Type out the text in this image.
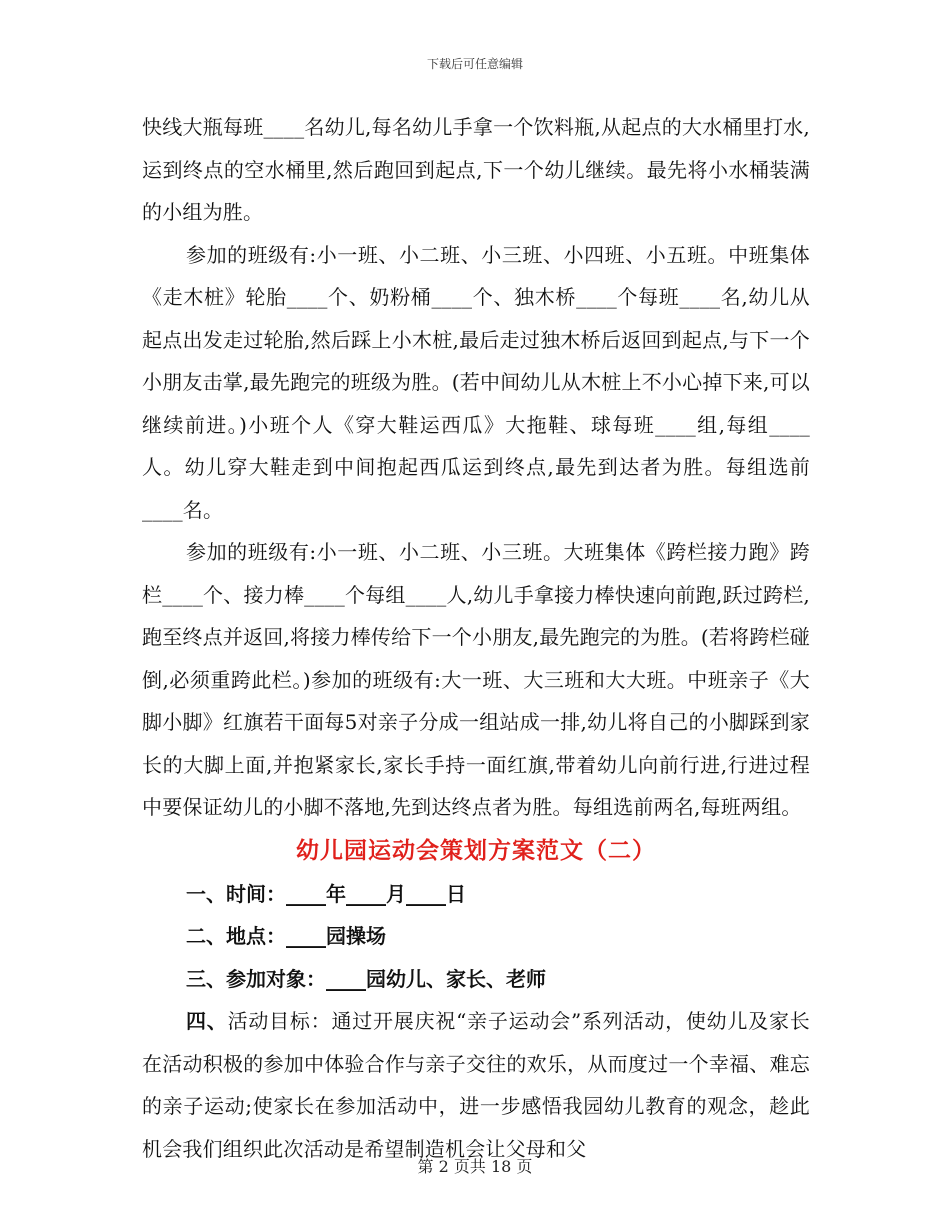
下载后可任意编辑

快线大瓶每班____名幼儿,每名幼儿手拿一个饮料瓶,从起点的大水桶里打水,运到终点的空水桶里,然后跑回到起点,下一个幼儿继续。最先将小水桶装满的小组为胜。

参加的班级有:小一班、小二班、小三班、小四班、小五班。中班集体《走木桩》轮胎____个、奶粉桶____个、独木桥____个每班____名,幼儿从起点出发走过轮胎,然后踩上小木桩,最后走过独木桥后返回到起点,与下一个小朋友击掌,最先跑完的班级为胜。(若中间幼儿从木桩上不小心掉下来,可以继续前进。)小班个人《穿大鞋运西瓜》大拖鞋、球每班____组,每组____人。幼儿穿大鞋走到中间抱起西瓜运到终点,最先到达者为胜。每组选前____名。

参加的班级有:小一班、小二班、小三班。大班集体《跨栏接力跑》跨栏____个、接力棒____个每组____人,幼儿手拿接力棒快速向前跑,跃过跨栏,跑至终点并返回,将接力棒传给下一个小朋友,最先跑完的为胜。(若将跨栏碰倒,必须重跨此栏。)参加的班级有:大一班、大三班和大大班。中班亲子《大脚小脚》红旗若干面每5对亲子分成一组站成一排,幼儿将自己的小脚踩到家长的大脚上面,并抱紧家长,家长手持一面红旗,带着幼儿向前行进,行进过程中要保证幼儿的小脚不落地,先到达终点者为胜。每组选前两名,每班两组。

幼儿园运动会策划方案范文（二）

一、时间：____年____月____日

二、地点：____园操场

三、参加对象：____园幼儿、家长、老师

四、活动目标：通过开展庆祝“亲子运动会”系列活动，使幼儿及家长在活动积极的参加中体验合作与亲子交往的欢乐，从而度过一个幸福、难忘的亲子运动;使家长在参加活动中，进一步感悟我园幼儿教育的观念，趁此机会我们组织此次活动是希望制造机会让父母和父

第 2 页共 18 页
